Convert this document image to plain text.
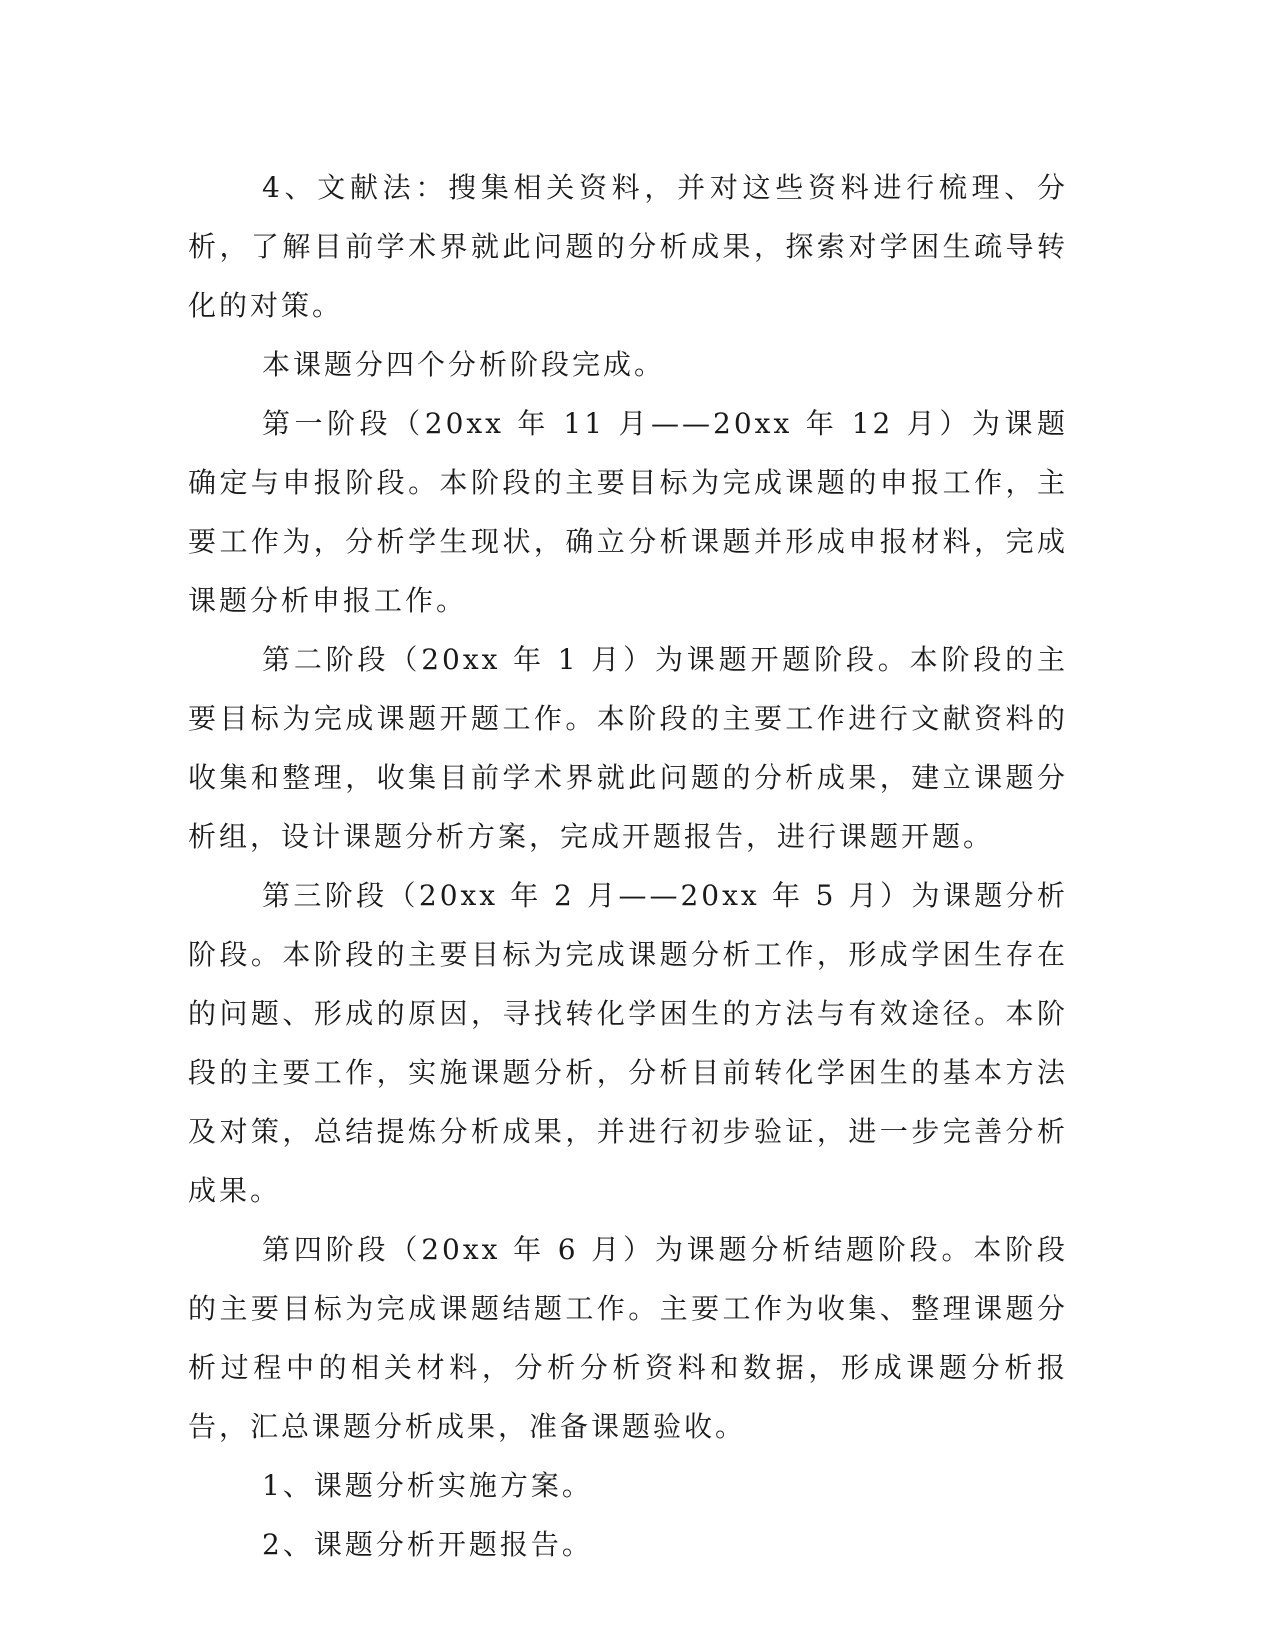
4、文献法：搜集相关资料，并对这些资料进行梳理、分析，了解目前学术界就此问题的分析成果，探索对学困生疏导转化的对策。

本课题分四个分析阶段完成。

第一阶段（20xx 年 11 月——20xx 年 12 月）为课题确定与申报阶段。本阶段的主要目标为完成课题的申报工作，主要工作为，分析学生现状，确立分析课题并形成申报材料，完成课题分析申报工作。

第二阶段（20xx 年 1 月）为课题开题阶段。本阶段的主要目标为完成课题开题工作。本阶段的主要工作进行文献资料的收集和整理，收集目前学术界就此问题的分析成果，建立课题分析组，设计课题分析方案，完成开题报告，进行课题开题。

第三阶段（20xx 年 2 月——20xx 年 5 月）为课题分析阶段。本阶段的主要目标为完成课题分析工作，形成学困生存在的问题、形成的原因，寻找转化学困生的方法与有效途径。本阶段的主要工作，实施课题分析，分析目前转化学困生的基本方法及对策，总结提炼分析成果，并进行初步验证，进一步完善分析成果。

第四阶段（20xx 年 6 月）为课题分析结题阶段。本阶段的主要目标为完成课题结题工作。主要工作为收集、整理课题分析过程中的相关材料，分析分析资料和数据，形成课题分析报告，汇总课题分析成果，准备课题验收。

1、课题分析实施方案。

2、课题分析开题报告。
